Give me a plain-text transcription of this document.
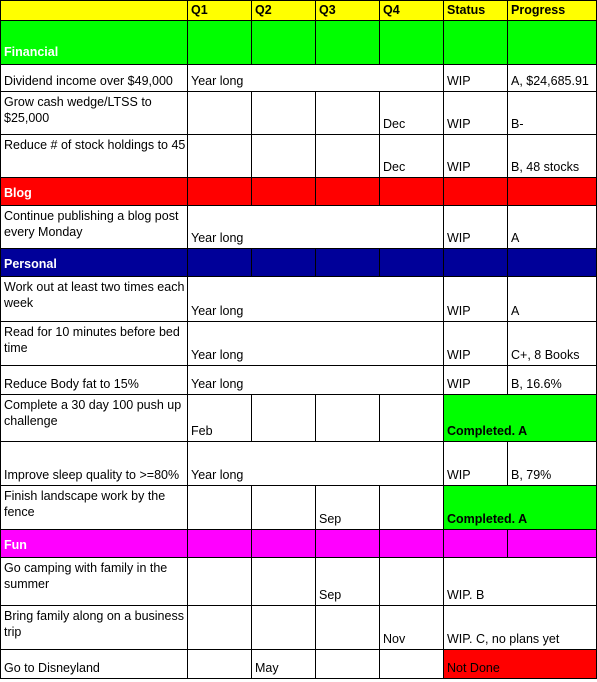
	Q1	Q2	Q3	Q4	Status	Progress
Financial						
Dividend income over $49,000	Year long				WIP	A, $24,685.91
Grow cash wedge/LTSS to $25,000				Dec	WIP	B-
Reduce # of stock holdings to 45				Dec	WIP	B, 48 stocks
Blog						
Continue publishing a blog post every Monday	Year long				WIP	A
Personal						
Work out at least two times each week	Year long				WIP	A
Read for 10 minutes before bed time	Year long				WIP	C+, 8 Books
Reduce Body fat to 15%	Year long				WIP	B, 16.6%
Complete a 30 day 100 push up challenge	Feb				Completed. A	
Improve sleep quality to >=80%	Year long				WIP	B, 79%
Finish landscape work by the fence			Sep		Completed. A	
Fun						
Go camping with family in the summer			Sep		WIP. B	
Bring family along on a business trip				Nov	WIP. C, no plans yet	
Go to Disneyland		May			Not Done	
